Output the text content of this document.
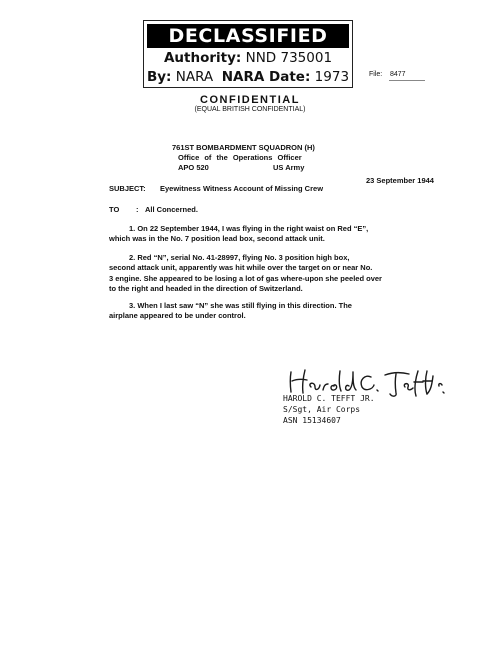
DECLASSIFIED
Authority: NND 735001
By: NARA NARA Date: 1973	File: 8477
CONFIDENTIAL
(EQUAL BRITISH CONFIDENTIAL)
761ST BOMBARDMENT SQUADRON (H)
Office of the Operations Officer
APO 520	US Army
23 September 1944
SUBJECT: Eyewitness Witness Account of Missing Crew
TO        : All Concerned.
1. On 22 September 1944, I was flying in the right waist on Red “E”,
which was in the No. 7 position lead box, second attack unit.
2. Red “N”, serial No. 41-28997, flying No. 3 position high box,
second attack unit, apparently was hit while over the target on or near No.
3 engine. She appeared to be losing a lot of gas where-upon she peeled over
to the right and headed in the direction of Switzerland.
3. When I last saw “N” she was still flying in this direction. The
airplane appeared to be under control.
HAROLD C. TEFFT JR.
S/Sgt, Air Corps
ASN 15134607
